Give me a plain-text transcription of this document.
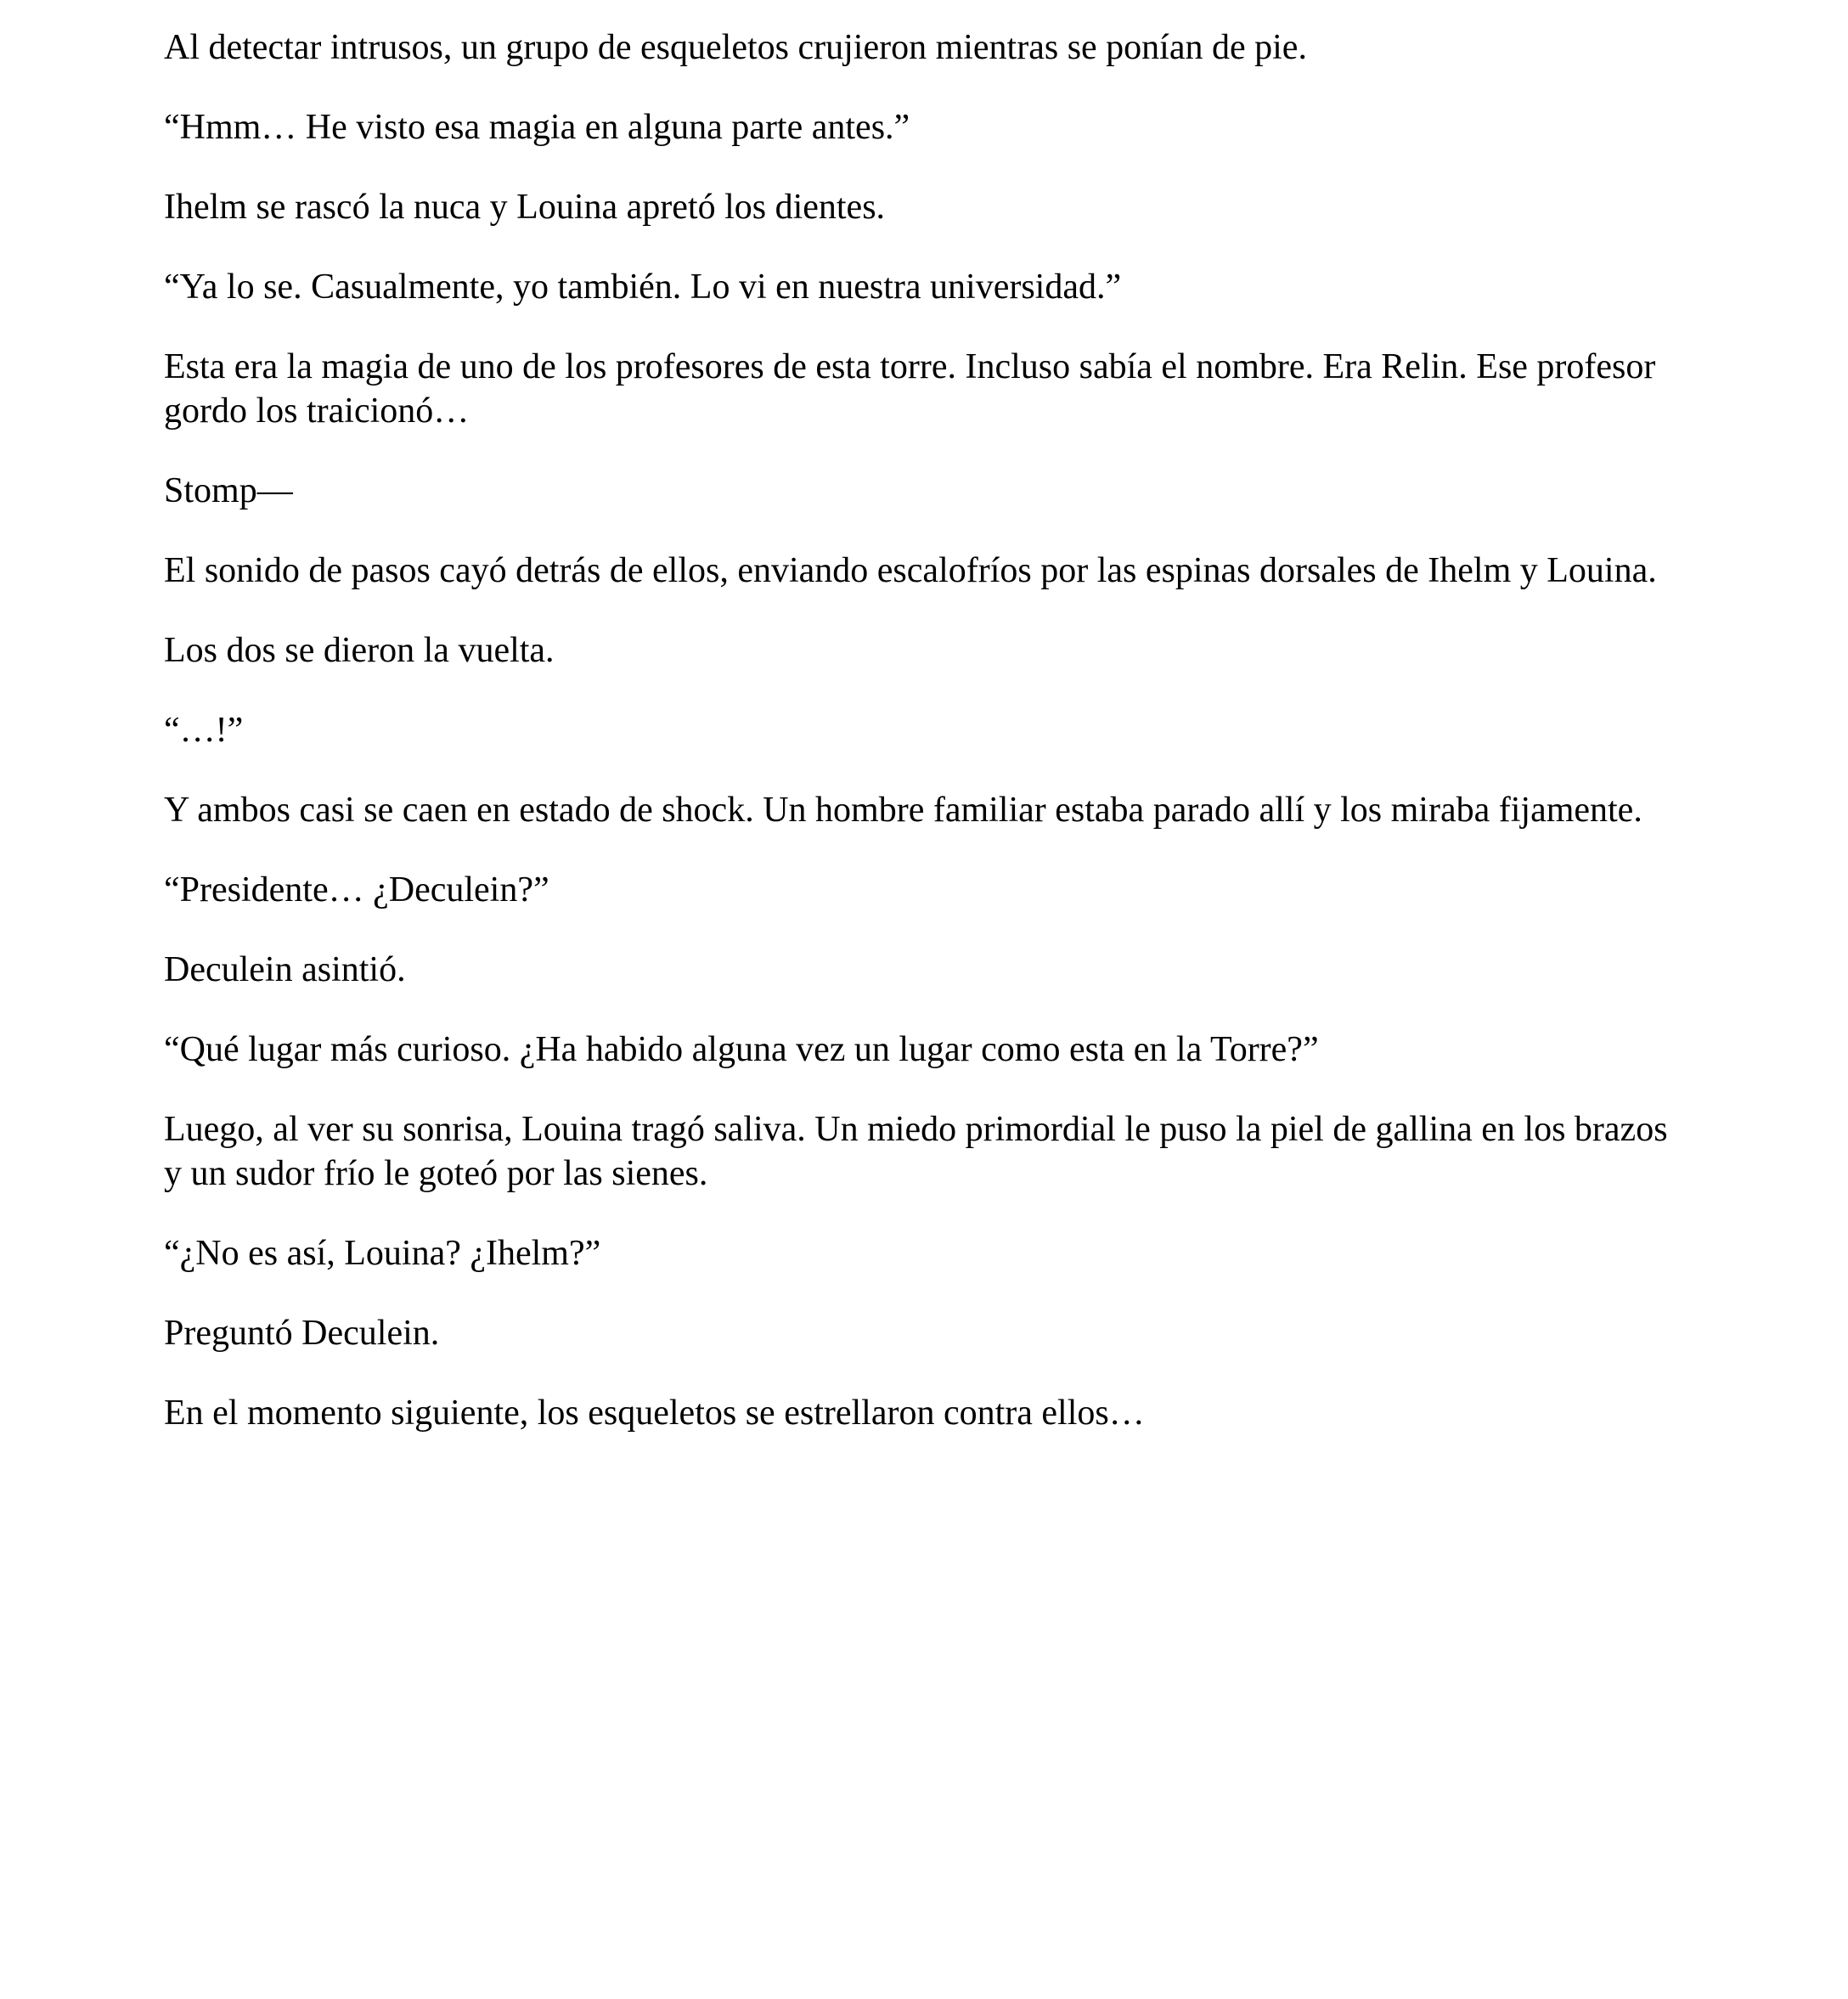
Al detectar intrusos, un grupo de esqueletos crujieron mientras se ponían de pie.

“Hmm… He visto esa magia en alguna parte antes.”

Ihelm se rascó la nuca y Louina apretó los dientes.

“Ya lo se. Casualmente, yo también. Lo vi en nuestra universidad.”

Esta era la magia de uno de los profesores de esta torre. Incluso sabía el nombre. Era Relin. Ese profesor gordo los traicionó…

Stomp—

El sonido de pasos cayó detrás de ellos, enviando escalofríos por las espinas dorsales de Ihelm y Louina.

Los dos se dieron la vuelta.

“…!”

Y ambos casi se caen en estado de shock. Un hombre familiar estaba parado allí y los miraba fijamente.

“Presidente… ¿Deculein?”

Deculein asintió.

“Qué lugar más curioso. ¿Ha habido alguna vez un lugar como esta en la Torre?”

Luego, al ver su sonrisa, Louina tragó saliva. Un miedo primordial le puso la piel de gallina en los brazos y un sudor frío le goteó por las sienes.

“¿No es así, Louina? ¿Ihelm?”

Preguntó Deculein.

En el momento siguiente, los esqueletos se estrellaron contra ellos…
